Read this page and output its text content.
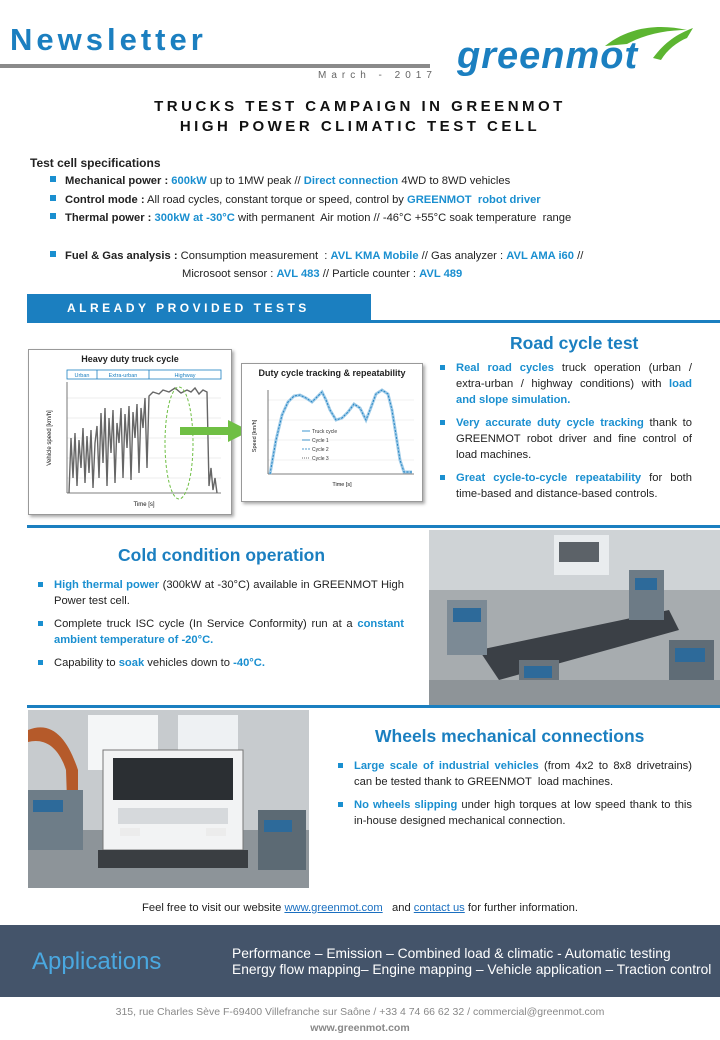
Newsletter
March - 2017 greenmot
TRUCKS TEST CAMPAIGN IN GREENMOT
HIGH POWER CLIMATIC TEST CELL
Test cell specifications
ALREADY PROVIDED TESTS
Heavy duty truck cycle
Urban	Extra-urban	Highway
Vehicle speed [km/h]
Time [s]
Duty cycle tracking & repeatability
Truck cycle
Cycle 1
Cycle 2
Cycle 3
Speed [km/h]
Time [s]
Road cycle test
Real road cycles truck operation (urban / extra-urban / highway conditions) with load and slope simulation.
Very accurate duty cycle tracking thank to GREENMOT robot driver and fine control of load machines.
Great cycle-to-cycle repeatability for both time-based and distance-based controls.
Cold condition operation
High thermal power (300kW at -30°C) available in GREENMOT High Power test cell.
Complete truck ISC cycle (In Service Conformity) run at a constant ambient temperature of -20°C.
Capability to soak vehicles down to -40°C.
Wheels mechanical connections
Large scale of industrial vehicles (from 4x2 to 8x8 drivetrains) can be tested thank to GREENMOT  load machines.
No wheels slipping under high torques at low speed thank to this in-house designed mechanical connection.
Feel free to visit our website www.greenmot.com   and contact us for further information.
Applications	Performance – Emission – Combined load & climatic - Automatic testing
Energy flow mapping– Engine mapping – Vehicle application – Traction control
315, rue Charles Sève F-69400 Villefranche sur Saône / +33 4 74 66 62 32 / commercial@greenmot.com
www.greenmot.com
Mechanical power : 600kW up to 1MW peak // Direct connection 4WD to 8WD vehicles
Control mode : All road cycles, constant torque or speed, control by GREENMOT  robot driver
Thermal power : 300kW at -30°C with permanent  Air motion // -46°C +55°C soak temperature  range
Fuel & Gas analysis : Consumption measurement  : AVL KMA Mobile // Gas analyzer : AVL AMA i60 //
Microsoot sensor : AVL 483 // Particle counter : AVL 489
